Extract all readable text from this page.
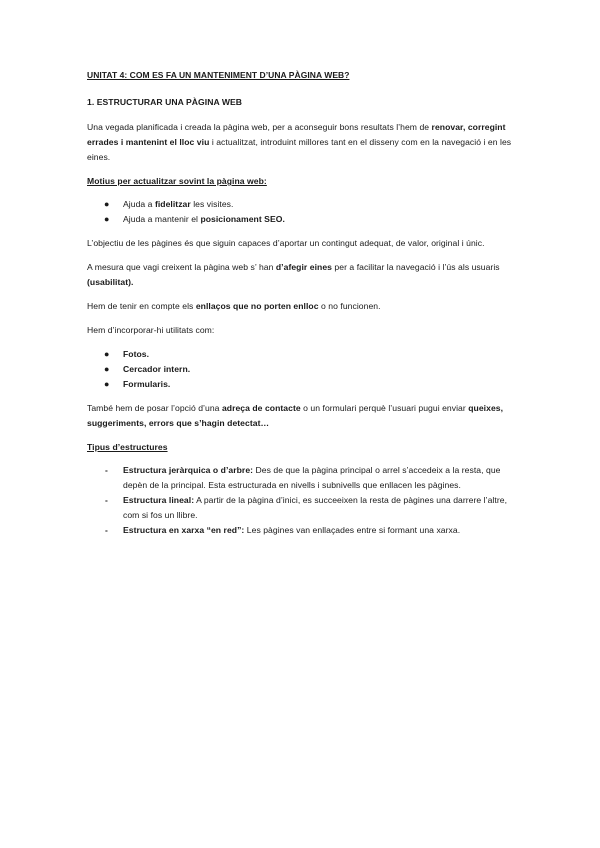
UNITAT 4: COM ES FA UN MANTENIMENT D’UNA PÀGINA WEB?

1. ESTRUCTURAR UNA PÀGINA WEB

Una vegada planificada i creada la pàgina web, per a aconseguir bons resultats l’hem de renovar, corregint errades i mantenint el lloc viu i actualitzat, introduint millores tant en el disseny com en la navegació i en les eines.

Motius per actualitzar sovint la pàgina web:

● Ajuda a fidelitzar les visites.
● Ajuda a mantenir el posicionament SEO.

L’objectiu de les pàgines és que siguin capaces d’aportar un contingut adequat, de valor, original i únic.

A mesura que vagi creixent la pàgina web s’ han d’afegir eines per a facilitar la navegació i l’ús als usuaris (usabilitat).

Hem de tenir en compte els enllaços que no porten enlloc o no funcionen.

Hem d’incorporar-hi utilitats com:

● Fotos.
● Cercador intern.
● Formularis.

També hem de posar l’opció d’una adreça de contacte o un formulari perquè l’usuari pugui enviar queixes, suggeriments, errors que s’hagin detectat…

Tipus d’estructures

- Estructura jeràrquica o d’arbre: Des de que la pàgina principal o arrel s’accedeix a la resta, que depèn de la principal. Esta estructurada en nivells i subnivells que enllacen les pàgines.
- Estructura lineal: A partir de la pàgina d’inici, es succeeixen la resta de pàgines una darrere l’altre, com si fos un llibre.
- Estructura en xarxa “en red”: Les pàgines van enllaçades entre si formant una xarxa.
